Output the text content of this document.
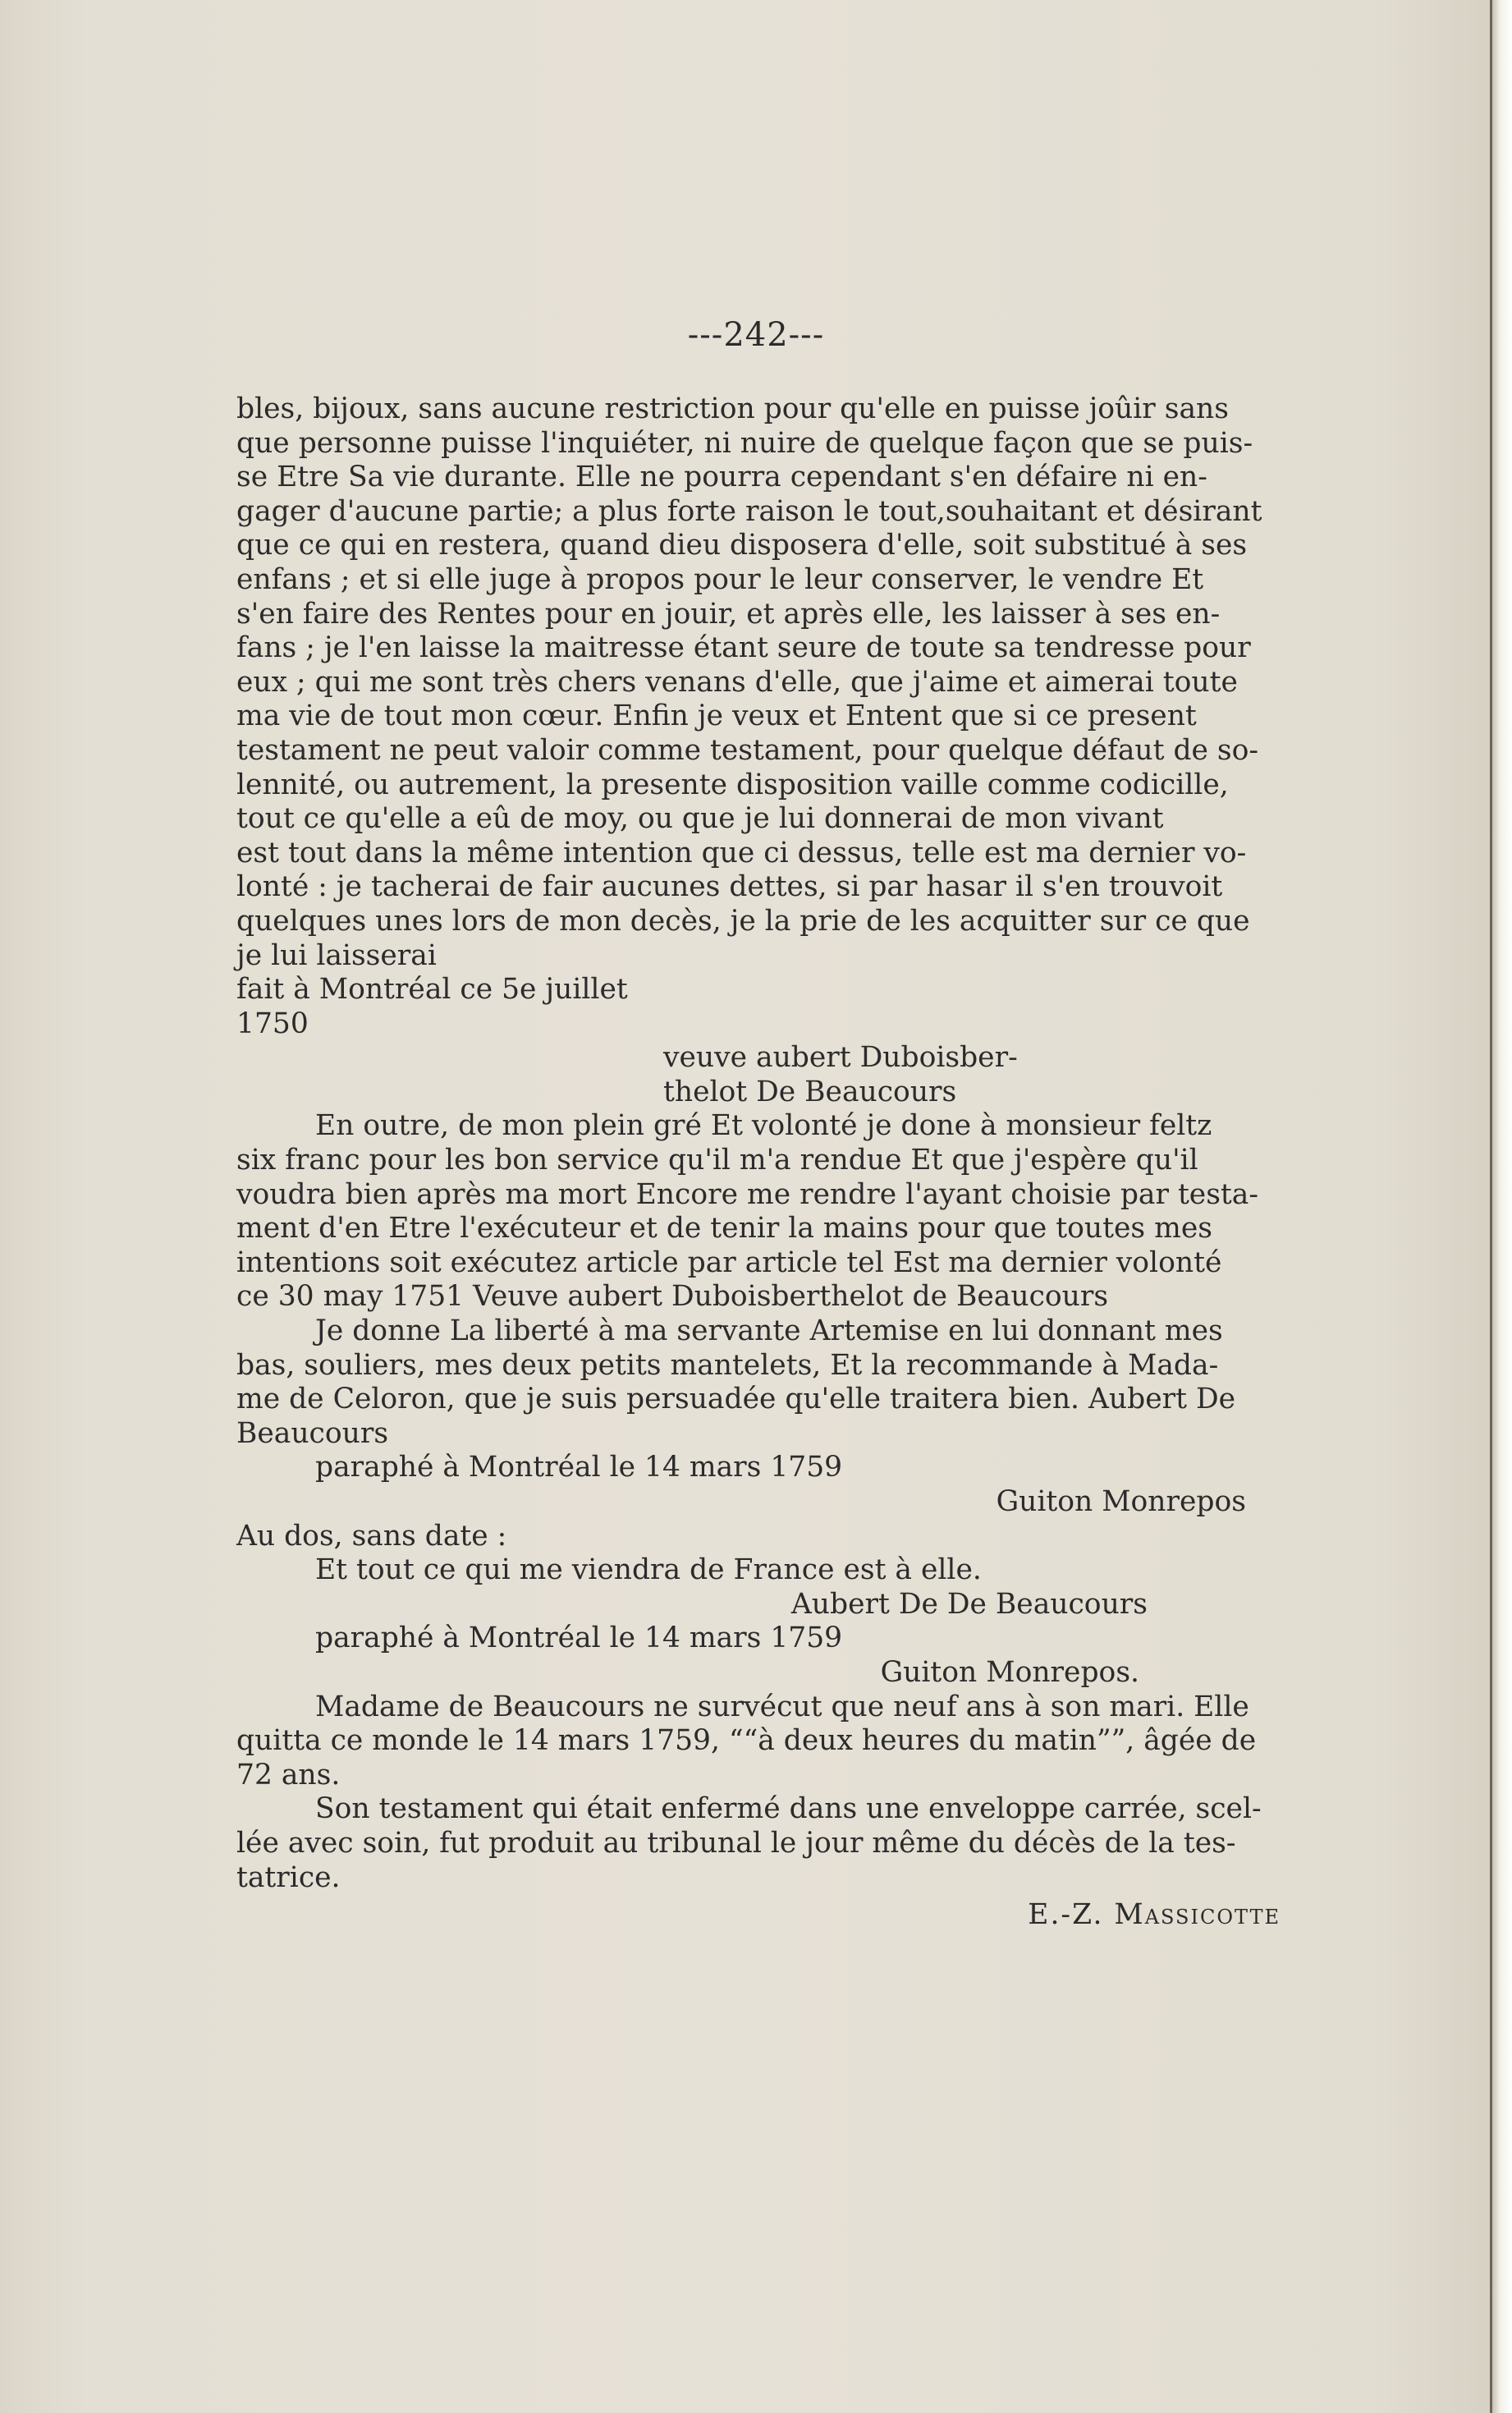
---242---
bles, bijoux, sans aucune restriction pour qu'elle en puisse joûir sans
que personne puisse l'inquiéter, ni nuire de quelque façon que se puis-
se Etre Sa vie durante. Elle ne pourra cependant s'en défaire ni en-
gager d'aucune partie; a plus forte raison le tout,souhaitant et désirant
que ce qui en restera, quand dieu disposera d'elle, soit substitué à ses
enfans ; et si elle juge à propos pour le leur conserver, le vendre Et
s'en faire des Rentes pour en jouir, et après elle, les laisser à ses en-
fans ; je l'en laisse la maitresse étant seure de toute sa tendresse pour
eux ; qui me sont très chers venans d'elle, que j'aime et aimerai toute
ma vie de tout mon cœur. Enfin je veux et Entent que si ce present
testament ne peut valoir comme testament, pour quelque défaut de so-
lennité, ou autrement, la presente disposition vaille comme codicille,
tout ce qu'elle a eû de moy, ou que je lui donnerai de mon vivant
est tout dans la même intention que ci dessus, telle est ma dernier vo-
lonté : je tacherai de fair aucunes dettes, si par hasar il s'en trouvoit
quelques unes lors de mon decès, je la prie de les acquitter sur ce que
je lui laisserai
fait à Montréal ce 5e juillet
1750
veuve aubert Duboisber-
thelot De Beaucours
En outre, de mon plein gré Et volonté je done à monsieur feltz
six franc pour les bon service qu'il m'a rendue Et que j'espère qu'il
voudra bien après ma mort Encore me rendre l'ayant choisie par testa-
ment d'en Etre l'exécuteur et de tenir la mains pour que toutes mes
intentions soit exécutez article par article tel Est ma dernier volonté
ce 30 may 1751 Veuve aubert Duboisberthelot de Beaucours
Je donne La liberté à ma servante Artemise en lui donnant mes
bas, souliers, mes deux petits mantelets, Et la recommande à Mada-
me de Celoron, que je suis persuadée qu'elle traitera bien. Aubert De
Beaucours
paraphé à Montréal le 14 mars 1759
Guiton Monrepos
Au dos, sans date :
Et tout ce qui me viendra de France est à elle.
Aubert De De Beaucours
paraphé à Montréal le 14 mars 1759
Guiton Monrepos.
Madame de Beaucours ne survécut que neuf ans à son mari. Elle
quitta ce monde le 14 mars 1759, ““à deux heures du matin””, âgée de
72 ans.
Son testament qui était enfermé dans une enveloppe carrée, scel-
lée avec soin, fut produit au tribunal le jour même du décès de la tes-
tatrice.
E.-Z. Massicotte
